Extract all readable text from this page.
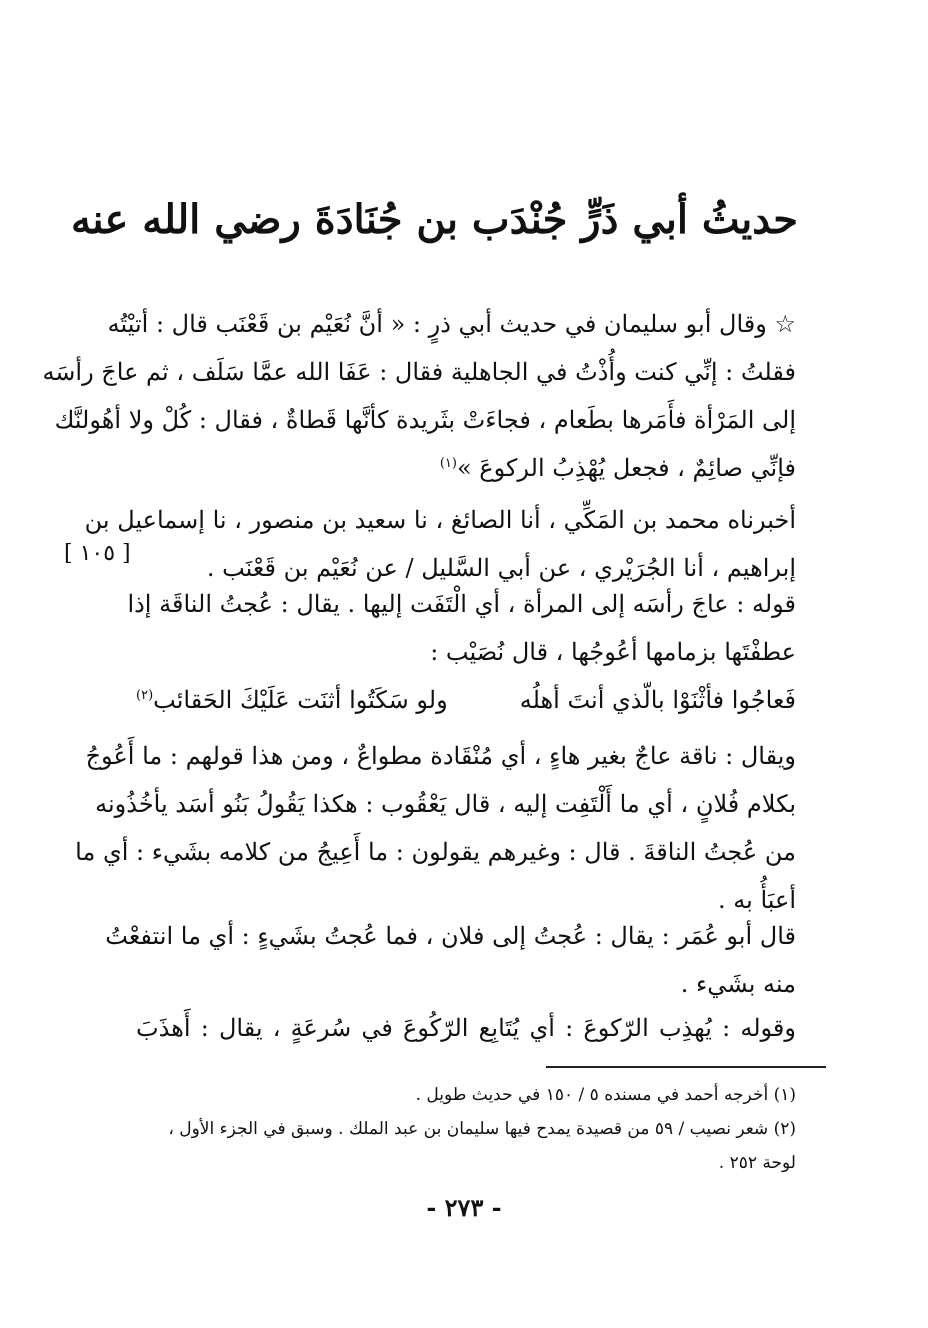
حديثُ أبي ذَرٍّ جُنْدَب بن جُنَادَةَ رضي الله عنه
☆ وقال أبو سليمان في حديث أبي ذرٍ : « أنَّ نُعَيْم بن قَعْنَب قال : أتيْتُه
فقلتُ : إنِّي كنت وأُذْتُ في الجاهلية فقال : عَفَا الله عمَّا سَلَف ، ثم عاجَ رأسَه
إلى المَرْأة فأَمَرها بطَعام ، فجاءَتْ بثَريدة كأنَّها قَطاةٌ ، فقال : كُلْ ولا أهُولنَّك
فإنِّي صائِمٌ ، فجعل يُهْذِبُ الركوعَ »$^{(١)}$
أخبرناه محمد بن المَكِّي ، أنا الصائغ ، نا سعيد بن منصور ، نا إسماعيل بن
إبراهيم ، أنا الجُرَيْري ، عن أبي السَّليل / عن نُعَيْم بن قَعْنَب .
[ ١٠٥ ]
قوله : عاجَ رأسَه إلى المرأة ، أي الْتَفَت إليها . يقال : عُجتُ الناقَة إذا
عطفْتَها بزمامها أعُوجُها ، قال نُصَيْب :
فَعاجُوا فأثْنَوْا بالّذي أنتَ أهلُه
ولو سَكَتُوا أثنَت عَلَيْكَ الحَقائب$^{(٢)}$
ويقال : ناقة عاجٌ بغير هاءٍ ، أي مُنْقَادة مطواعٌ ، ومن هذا قولهم : ما أَعُوجُ
بكلام فُلانٍ ، أي ما أَلْتَفِت إليه ، قال يَعْقُوب : هكذا يَقُولُ بَنُو أسَد يأخُذُونه
من عُجتُ الناقةَ . قال : وغيرهم يقولون : ما أَعِيجُ من كلامه بشَيء : أي ما
أعبَأُ به .
قال أبو عُمَر : يقال : عُجتُ إلى فلان ، فما عُجتُ بشَيءٍ : أي ما انتفعْتُ
منه بشَيء .
وقوله : يُهذِب الرّكوعَ : أي يُتَابِع الرّكُوعَ في سُرعَةٍ ، يقال : أَهذَبَ
(١) أخرجه أحمد في مسنده ٥ / ١٥٠ في حديث طويل .
(٢) شعر نصيب / ٥٩ من قصيدة يمدح فيها سليمان بن عبد الملك . وسبق في الجزء الأول ،
لوحة ٢٥٢ .
- ٢٧٣ -
